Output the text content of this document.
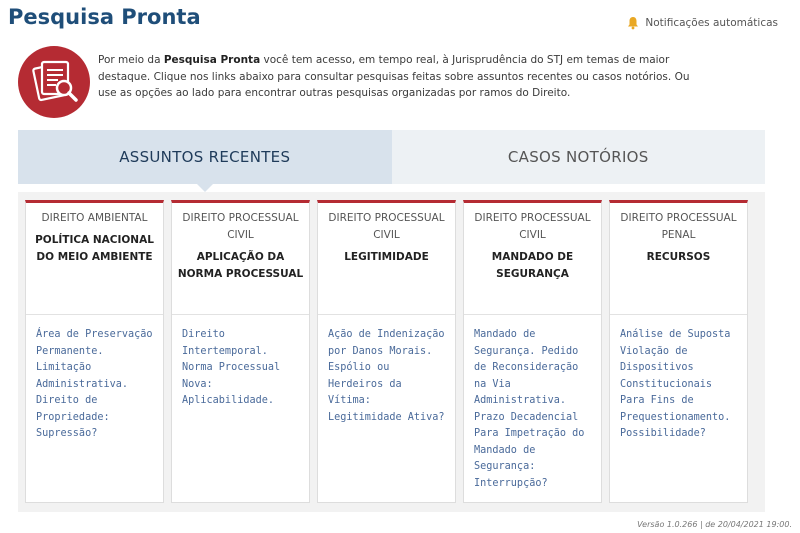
Pesquisa Pronta	Notificações automáticas
Por meio da Pesquisa Pronta você tem acesso, em tempo real, à Jurisprudência do STJ em temas de maior destaque. Clique nos links abaixo para consultar pesquisas feitas sobre assuntos recentes ou casos notórios. Ou use as opções ao lado para encontrar outras pesquisas organizadas por ramos do Direito.
ASSUNTOS RECENTES	CASOS NOTÓRIOS
DIREITO AMBIENTAL
POLÍTICA NACIONAL DO MEIO AMBIENTE
Área de Preservação Permanente. Limitação Administrativa. Direito de Propriedade: Supressão?
DIREITO PROCESSUAL CIVIL
APLICAÇÃO DA NORMA PROCESSUAL
Direito Intertemporal. Norma Processual Nova: Aplicabilidade.
DIREITO PROCESSUAL CIVIL
LEGITIMIDADE
Ação de Indenização por Danos Morais. Espólio ou Herdeiros da Vítima: Legitimidade Ativa?
DIREITO PROCESSUAL CIVIL
MANDADO DE SEGURANÇA
Mandado de Segurança. Pedido de Reconsideração na Via Administrativa. Prazo Decadencial Para Impetração do Mandado de Segurança: Interrupção?
DIREITO PROCESSUAL PENAL
RECURSOS
Análise de Suposta Violação de Dispositivos Constitucionais Para Fins de Prequestionamento. Possibilidade?
Versão 1.0.266 | de 20/04/2021 19:00.
